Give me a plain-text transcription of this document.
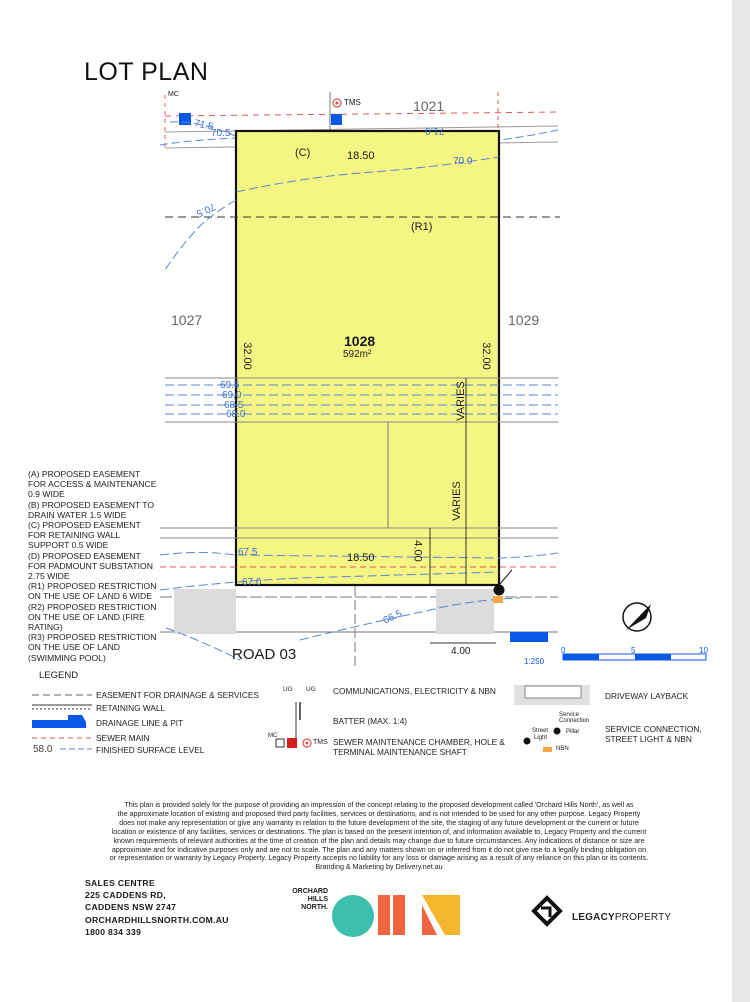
LOT PLAN
MC
TMS	1021
1027	1029
71.5
70.5	71.0
70.5
70.0
69.5
69.0
68.5
68.0
67.5
67.0
66.5
(C)	18.50
(R1)
1028
592m²
32.00	32.00
VARIES
VARIES
4.00
18.50
ROAD 03	4.00
N
1:250
0	5	10
(A) PROPOSED EASEMENT
FOR ACCESS & MAINTENANCE
0.9 WIDE
(B) PROPOSED EASEMENT TO
DRAIN WATER 1.5 WIDE
(C) PROPOSED EASEMENT
FOR RETAINING WALL
SUPPORT 0.5 WIDE
(D) PROPOSED EASEMENT
FOR PADMOUNT SUBSTATION
2.75 WIDE
(R1) PROPOSED RESTRICTION
ON THE USE OF LAND 6 WIDE
(R2) PROPOSED RESTRICTION
ON THE USE OF LAND (FIRE
RATING)
(R3) PROPOSED RESTRICTION
ON THE USE OF LAND
(SWIMMING POOL)
LEGEND
EASEMENT FOR DRAINAGE & SERVICES
RETAINING WALL
DRAINAGE LINE & PIT
SEWER MAIN
58.0	FINISHED SURFACE LEVEL
UG UG COMMUNICATIONS, ELECTRICITY & NBN
BATTER (MAX. 1:4)
MC
TMS SEWER MAINTENANCE CHAMBER, HOLE &
TERMINAL MAINTENANCE SHAFT
DRIVEWAY LAYBACK
Service
Connection
Street
Light
Pillar
NBN
SERVICE CONNECTION,
STREET LIGHT & NBN
This plan is provided solely for the purpose of providing an impression of the concept relating to the proposed development called 'Orchard Hills North', as well as
the approximate location of existing and proposed third party facilities, services or destinations, and is not intended to be used for any other purpose. Legacy Property
does not make any representation or give any warranty in relation to the future development of the site, the staging of any future development or the current or future
location or existence of any facilities, services or destinations. The plan is based on the present intention of, and information available to, Legacy Property and the current
known requirements of relevant authorities at the time of creation of the plan and details may change due to future circumstances. Any indications of distance or size are
approximate and for indicative purposes only and are not to scale. The plan and any matters shown on or inferred from it do not give rise to a legally binding obligation on
or representation or warranty by Legacy Property. Legacy Property accepts no liability for any loss or damage arising as a result of any reliance on this plan or its contents.
Branding & Marketing by Delivery.net.au
SALES CENTRE
225 CADDENS RD,
CADDENS NSW 2747
ORCHARDHILLSNORTH.COM.AU
1800 834 339
ORCHARD
HILLS
NORTH.
LEGACYPROPERTY
